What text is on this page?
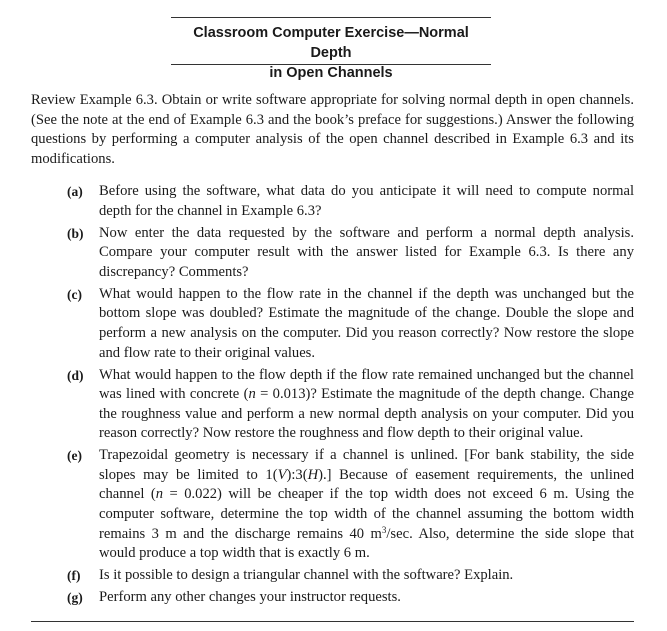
Classroom Computer Exercise—Normal Depth
in Open Channels

Review Example 6.3. Obtain or write software appropriate for solving normal depth in open channels. (See the note at the end of Example 6.3 and the book’s preface for suggestions.) Answer the following questions by performing a computer analysis of the open channel described in Example 6.3 and its modifications.

(a) Before using the software, what data do you anticipate it will need to compute normal depth for the channel in Example 6.3?
(b) Now enter the data requested by the software and perform a normal depth analysis. Compare your computer result with the answer listed for Example 6.3. Is there any discrepancy? Comments?
(c) What would happen to the flow rate in the channel if the depth was unchanged but the bottom slope was doubled? Estimate the magnitude of the change. Double the slope and perform a new analysis on the computer. Did you reason correctly? Now restore the slope and flow rate to their original values.
(d) What would happen to the flow depth if the flow rate remained unchanged but the channel was lined with concrete (n = 0.013)? Estimate the magnitude of the depth change. Change the roughness value and perform a new normal depth analysis on your computer. Did you reason correctly? Now restore the roughness and flow depth to their original value.
(e) Trapezoidal geometry is necessary if a channel is unlined. [For bank stability, the side slopes may be limited to 1(V):3(H).] Because of easement requirements, the unlined channel (n = 0.022) will be cheaper if the top width does not exceed 6 m. Using the computer software, determine the top width of the channel assuming the bottom width remains 3 m and the discharge remains 40 $m^3/\sec$. Also, determine the side slope that would produce a top width that is exactly 6 m.
(f) Is it possible to design a triangular channel with the software? Explain.
(g) Perform any other changes your instructor requests.
